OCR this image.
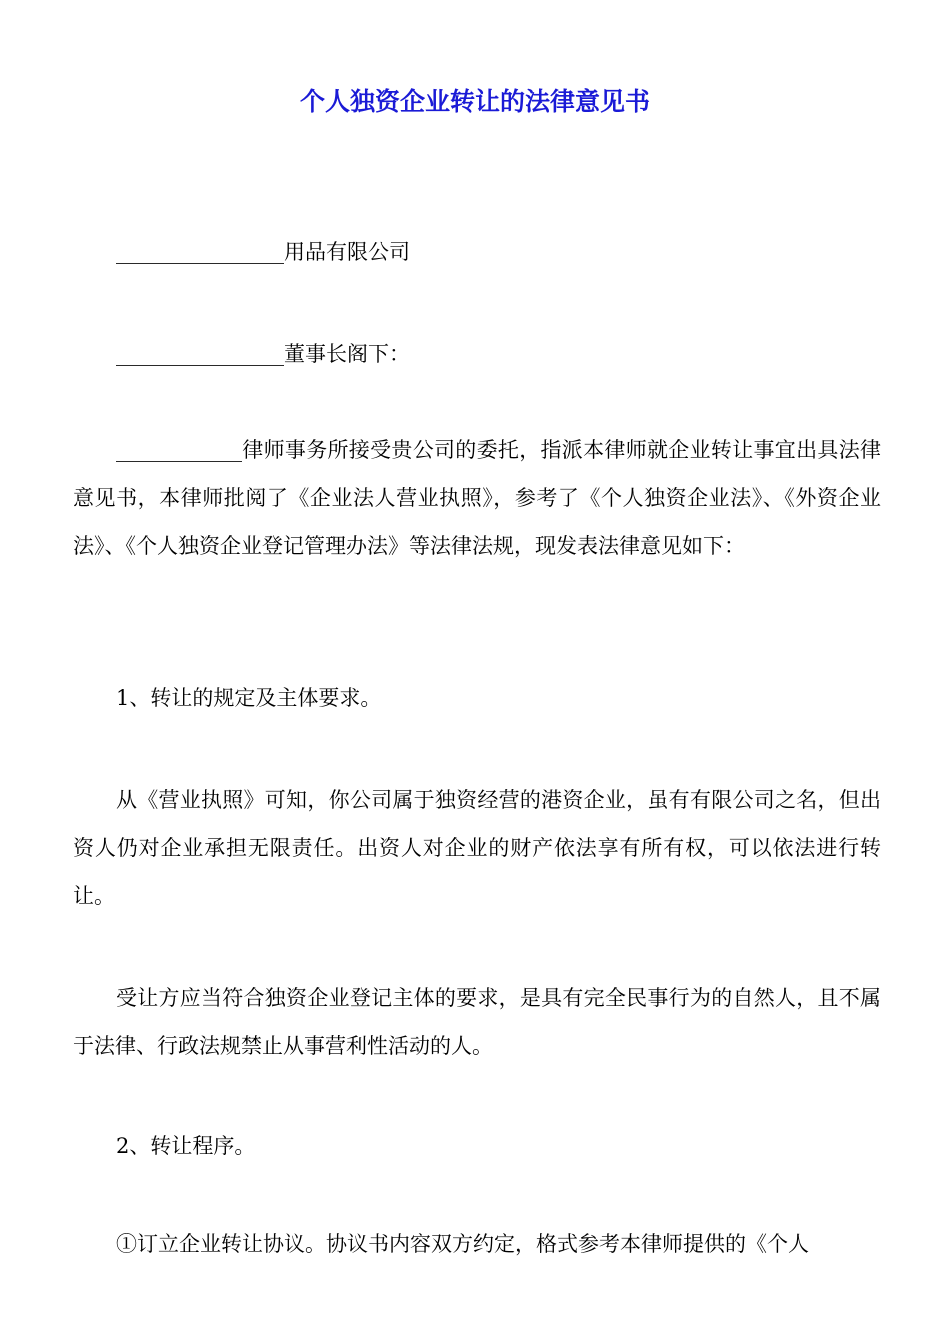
个人独资企业转让的法律意见书
________________用品有限公司
________________董事长阁下：
____________律师事务所接受贵公司的委托，指派本律师就企业转让事宜出具法律意见书，本律师批阅了《企业法人营业执照》，参考了《个人独资企业法》、《外资企业法》、《个人独资企业登记管理办法》等法律法规，现发表法律意见如下：
1、转让的规定及主体要求。
从《营业执照》可知，你公司属于独资经营的港资企业，虽有有限公司之名，但出资人仍对企业承担无限责任。出资人对企业的财产依法享有所有权，可以依法进行转让。
受让方应当符合独资企业登记主体的要求，是具有完全民事行为的自然人，且不属于法律、行政法规禁止从事营利性活动的人。
2、转让程序。
①订立企业转让协议。协议书内容双方约定，格式参考本律师提供的《个人
